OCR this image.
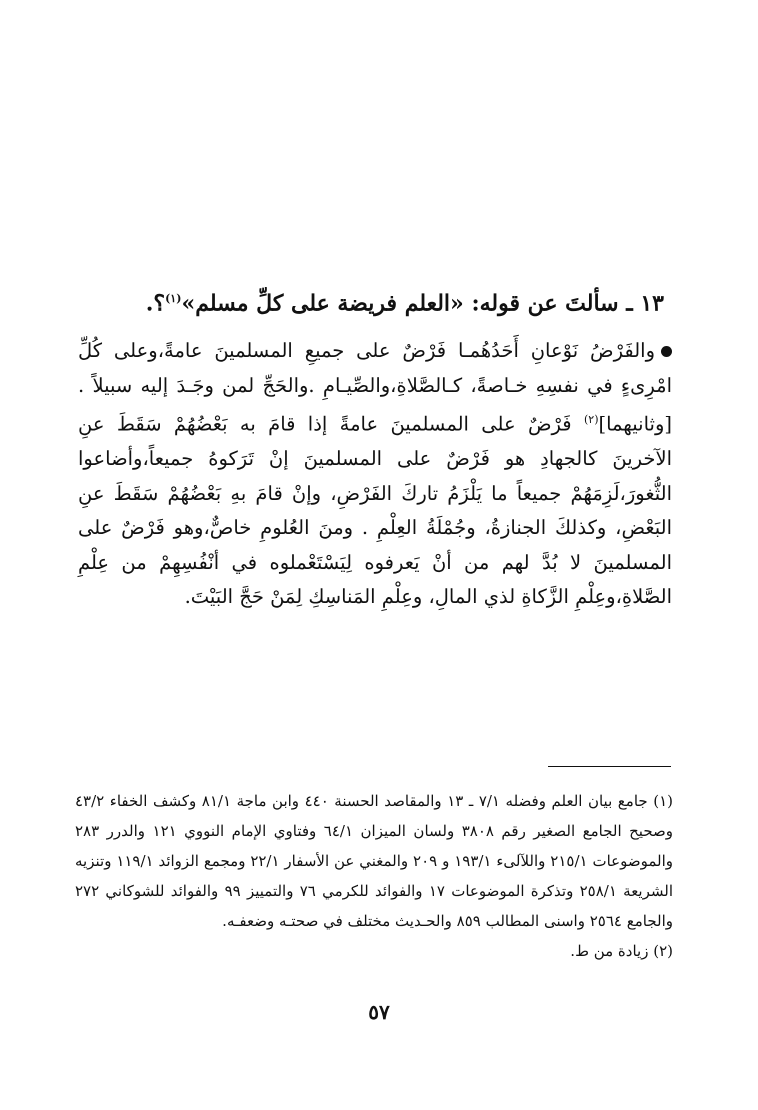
١٣ ـ سألتَ عن قوله: «العلم فريضة على كلِّ مسلم»$^{(١)}$؟.

والفَرْضُ نَوْعانِ أَحَدُهُمـا فَرْضٌ على جميعِ المسلمينَ عامةً،وعلى كُلِّ امْرِىءٍ في نفسِهِ خـاصةً، كـالصَّلاةِ،والصِّيـامِ .والحَجِّ لمن وجَـدَ إليه سبيلاً . [وثانيهما]$^{(٢)}$ فَرْضٌ على المسلمينَ عامةً إذا قامَ به بَعْضُهُمْ سَقَطَ عنِ الآخرينَ كالجهادِ هو فَرْضٌ على المسلمينَ إنْ تَرَكوهُ جميعاً،وأضاعوا الثُّغورَ،لَزِمَهُمْ جميعاً ما يَلْزَمُ تاركَ الفَرْضِ، وإنْ قامَ بهِ بَعْضُهُمْ سَقَطَ عنِ البَعْضِ، وكذلكَ الجنازةُ، وجُمْلَةُ العِلْمِ . ومنَ العُلومِ خاصٌّ،وهو فَرْضٌ على المسلمينَ لا بُدَّ لهم من أنْ يَعرفوه لِيَسْتَعْملوه في أنْفُسِهِمْ من عِلْمِ الصَّلاةِ،وعِلْمِ الزَّكاةِ لذي المالِ، وعِلْمِ المَناسِكِ لِمَنْ حَجَّ البَيْتَ.

(١) جامع بيان العلم وفضله ٧/١ ـ ١٣ والمقاصد الحسنة ٤٤٠ وابن ماجة ٨١/١ وكشف الخفاء ٤٣/٢ وصحيح الجامع الصغير رقم ٣٨٠٨ ولسان الميزان ٦٤/١ وفتاوي الإمام النووي ١٢١ والدرر ٢٨٣ والموضوعات ٢١٥/١ واللآلىء ١٩٣/١ و ٢٠٩ والمغني عن الأسفار ٢٢/١ ومجمع الزوائد ١١٩/١ وتنزيه الشريعة ٢٥٨/١ وتذكرة الموضوعات ١٧ والفوائد للكرمي ٧٦ والتمييز ٩٩ والفوائد للشوكاني ٢٧٢ والجامع ٢٥٦٤ واسنى المطالب ٨٥٩ والحـديث مختلف في صحتـه وضعفـه.

(٢) زيادة من ط.

٥٧
